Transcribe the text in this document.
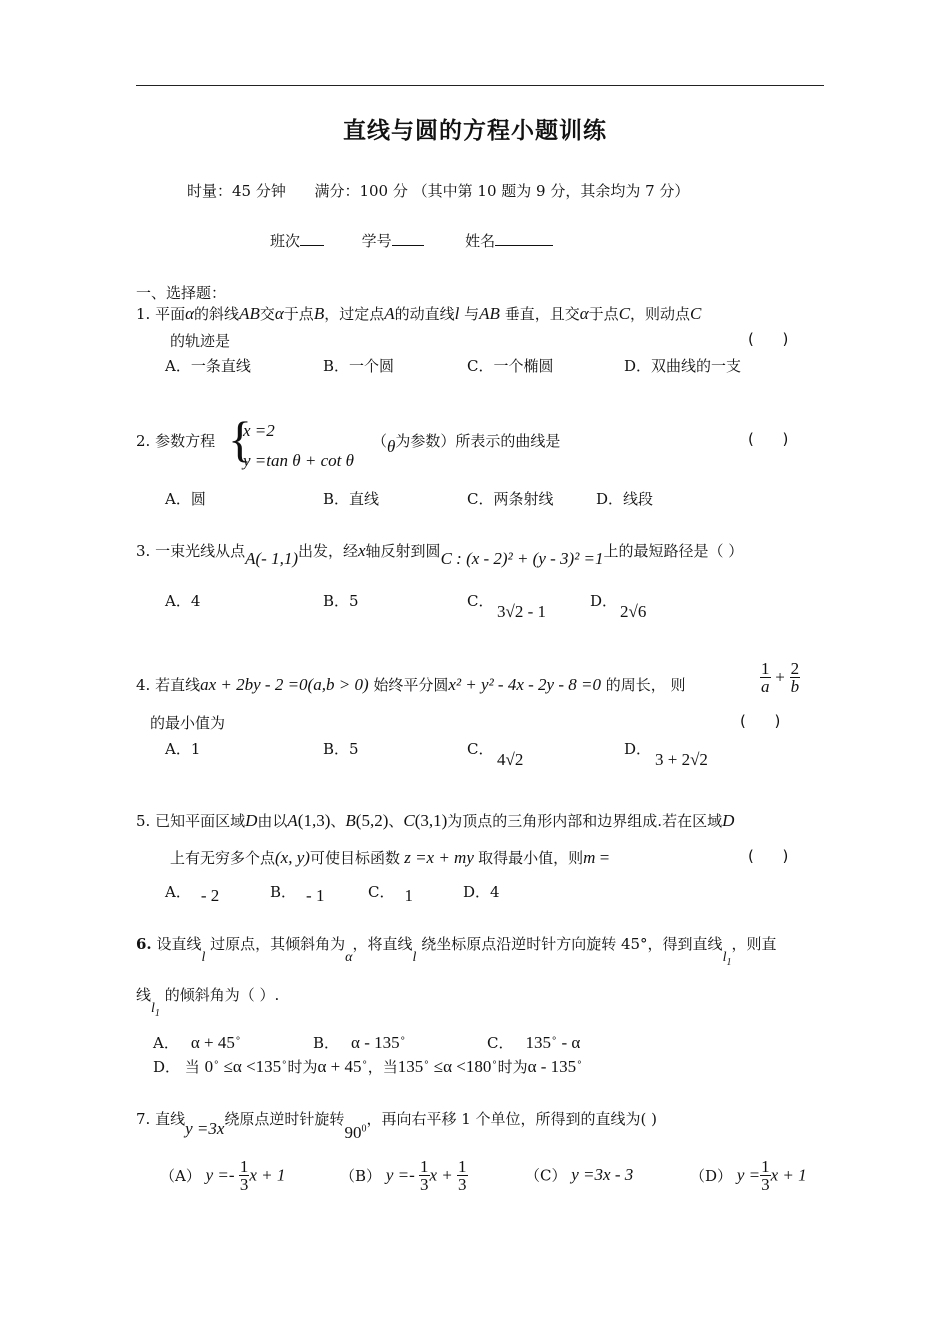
直线与圆的方程小题训练
时量：45 分钟      满分：100 分 （其中第 10 题为 9 分，其余均为 7 分）
班次	学号	姓名
一、选择题：
1. 平面α的斜线AB交α于点B，过定点A的动直线l 与AB 垂直，且交α于点C，则动点C
的轨迹是	(      )
A．一条直线	B．一个圆	C．一个椭圆	D．双曲线的一支
2. 参数方程 {
x =2
y =tan θ + cot θ
（θ为参数）所表示的曲线是	(      )
A．圆	B．直线	C．两条射线	D．线段
3. 一束光线从点A(- 1,1)出发，经x轴反射到圆C : (x - 2)² + (y - 3)² =1上的最短路径是（ ）
A．4	B．5	C．
3√2 - 1
D．
2√6
4. 若直线ax + 2by - 2 =0(a,b > 0) 始终平分圆x² + y² - 4x - 2y - 8 =0 的周长， 则	$\frac{1}{a} + \frac{2}{b}$
的最小值为	(      )
A．1	B．5	C．
4√2
D．
3 + 2√2
5. 已知平面区域D由以A(1,3)、B(5,2)、C(3,1)为顶点的三角形内部和边界组成.若在区域D
上有无穷多个点(x, y)可使目标函数 z =x + my 取得最小值，则m =	(      )
A． - 2	B． - 1	C． 1	D．4
6. 设直线l 过原点，其倾斜角为α，将直线l 绕坐标原点沿逆时针方向旋转 45°，得到直线$l_1$，则直
线$l_1$ 的倾斜角为（ ）.
A． α + 45∘	B． α - 135∘	C． 135∘ - α
D． 当 0∘ ≤α <135∘时为α + 45∘，当135∘ ≤α <180∘时为α - 135∘
7. 直线y =3x绕原点逆时针旋转$90^0$，再向右平移 1 个单位，所得到的直线为( )
（A） $y =- \frac{1}{3}$ x + 1	（B） $y =- \frac{1}{3}$ $x + \frac{1}{3}$	（C） y =3x - 3	（D） $y = \frac{1}{3}$ x + 1
